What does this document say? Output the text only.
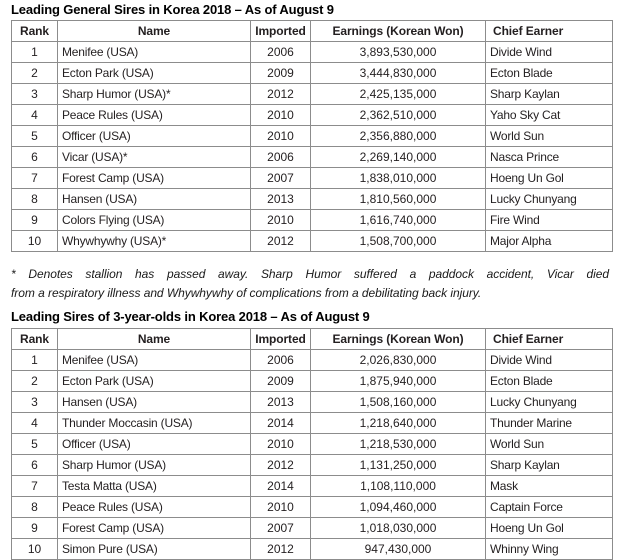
Leading General Sires in Korea 2018 – As of August 9
Rank	Name	Imported	Earnings (Korean Won)	Chief Earner
1	Menifee (USA)	2006	3,893,530,000	Divide Wind
2	Ecton Park (USA)	2009	3,444,830,000	Ecton Blade
3	Sharp Humor (USA)*	2012	2,425,135,000	Sharp Kaylan
4	Peace Rules (USA)	2010	2,362,510,000	Yaho Sky Cat
5	Officer (USA)	2010	2,356,880,000	World Sun
6	Vicar (USA)*	2006	2,269,140,000	Nasca Prince
7	Forest Camp (USA)	2007	1,838,010,000	Hoeng Un Gol
8	Hansen (USA)	2013	1,810,560,000	Lucky Chunyang
9	Colors Flying (USA)	2010	1,616,740,000	Fire Wind
10	Whywhywhy (USA)*	2012	1,508,700,000	Major Alpha

* Denotes stallion has passed away. Sharp Humor suffered a paddock accident, Vicar died
from a respiratory illness and Whywhywhy of complications from a debilitating back injury.

Leading Sires of 3-year-olds in Korea 2018 – As of August 9
Rank	Name	Imported	Earnings (Korean Won)	Chief Earner
1	Menifee (USA)	2006	2,026,830,000	Divide Wind
2	Ecton Park (USA)	2009	1,875,940,000	Ecton Blade
3	Hansen (USA)	2013	1,508,160,000	Lucky Chunyang
4	Thunder Moccasin (USA)	2014	1,218,640,000	Thunder Marine
5	Officer (USA)	2010	1,218,530,000	World Sun
6	Sharp Humor (USA)	2012	1,131,250,000	Sharp Kaylan
7	Testa Matta (USA)	2014	1,108,110,000	Mask
8	Peace Rules (USA)	2010	1,094,460,000	Captain Force
9	Forest Camp (USA)	2007	1,018,030,000	Hoeng Un Gol
10	Simon Pure (USA)	2012	947,430,000	Whinny Wing
